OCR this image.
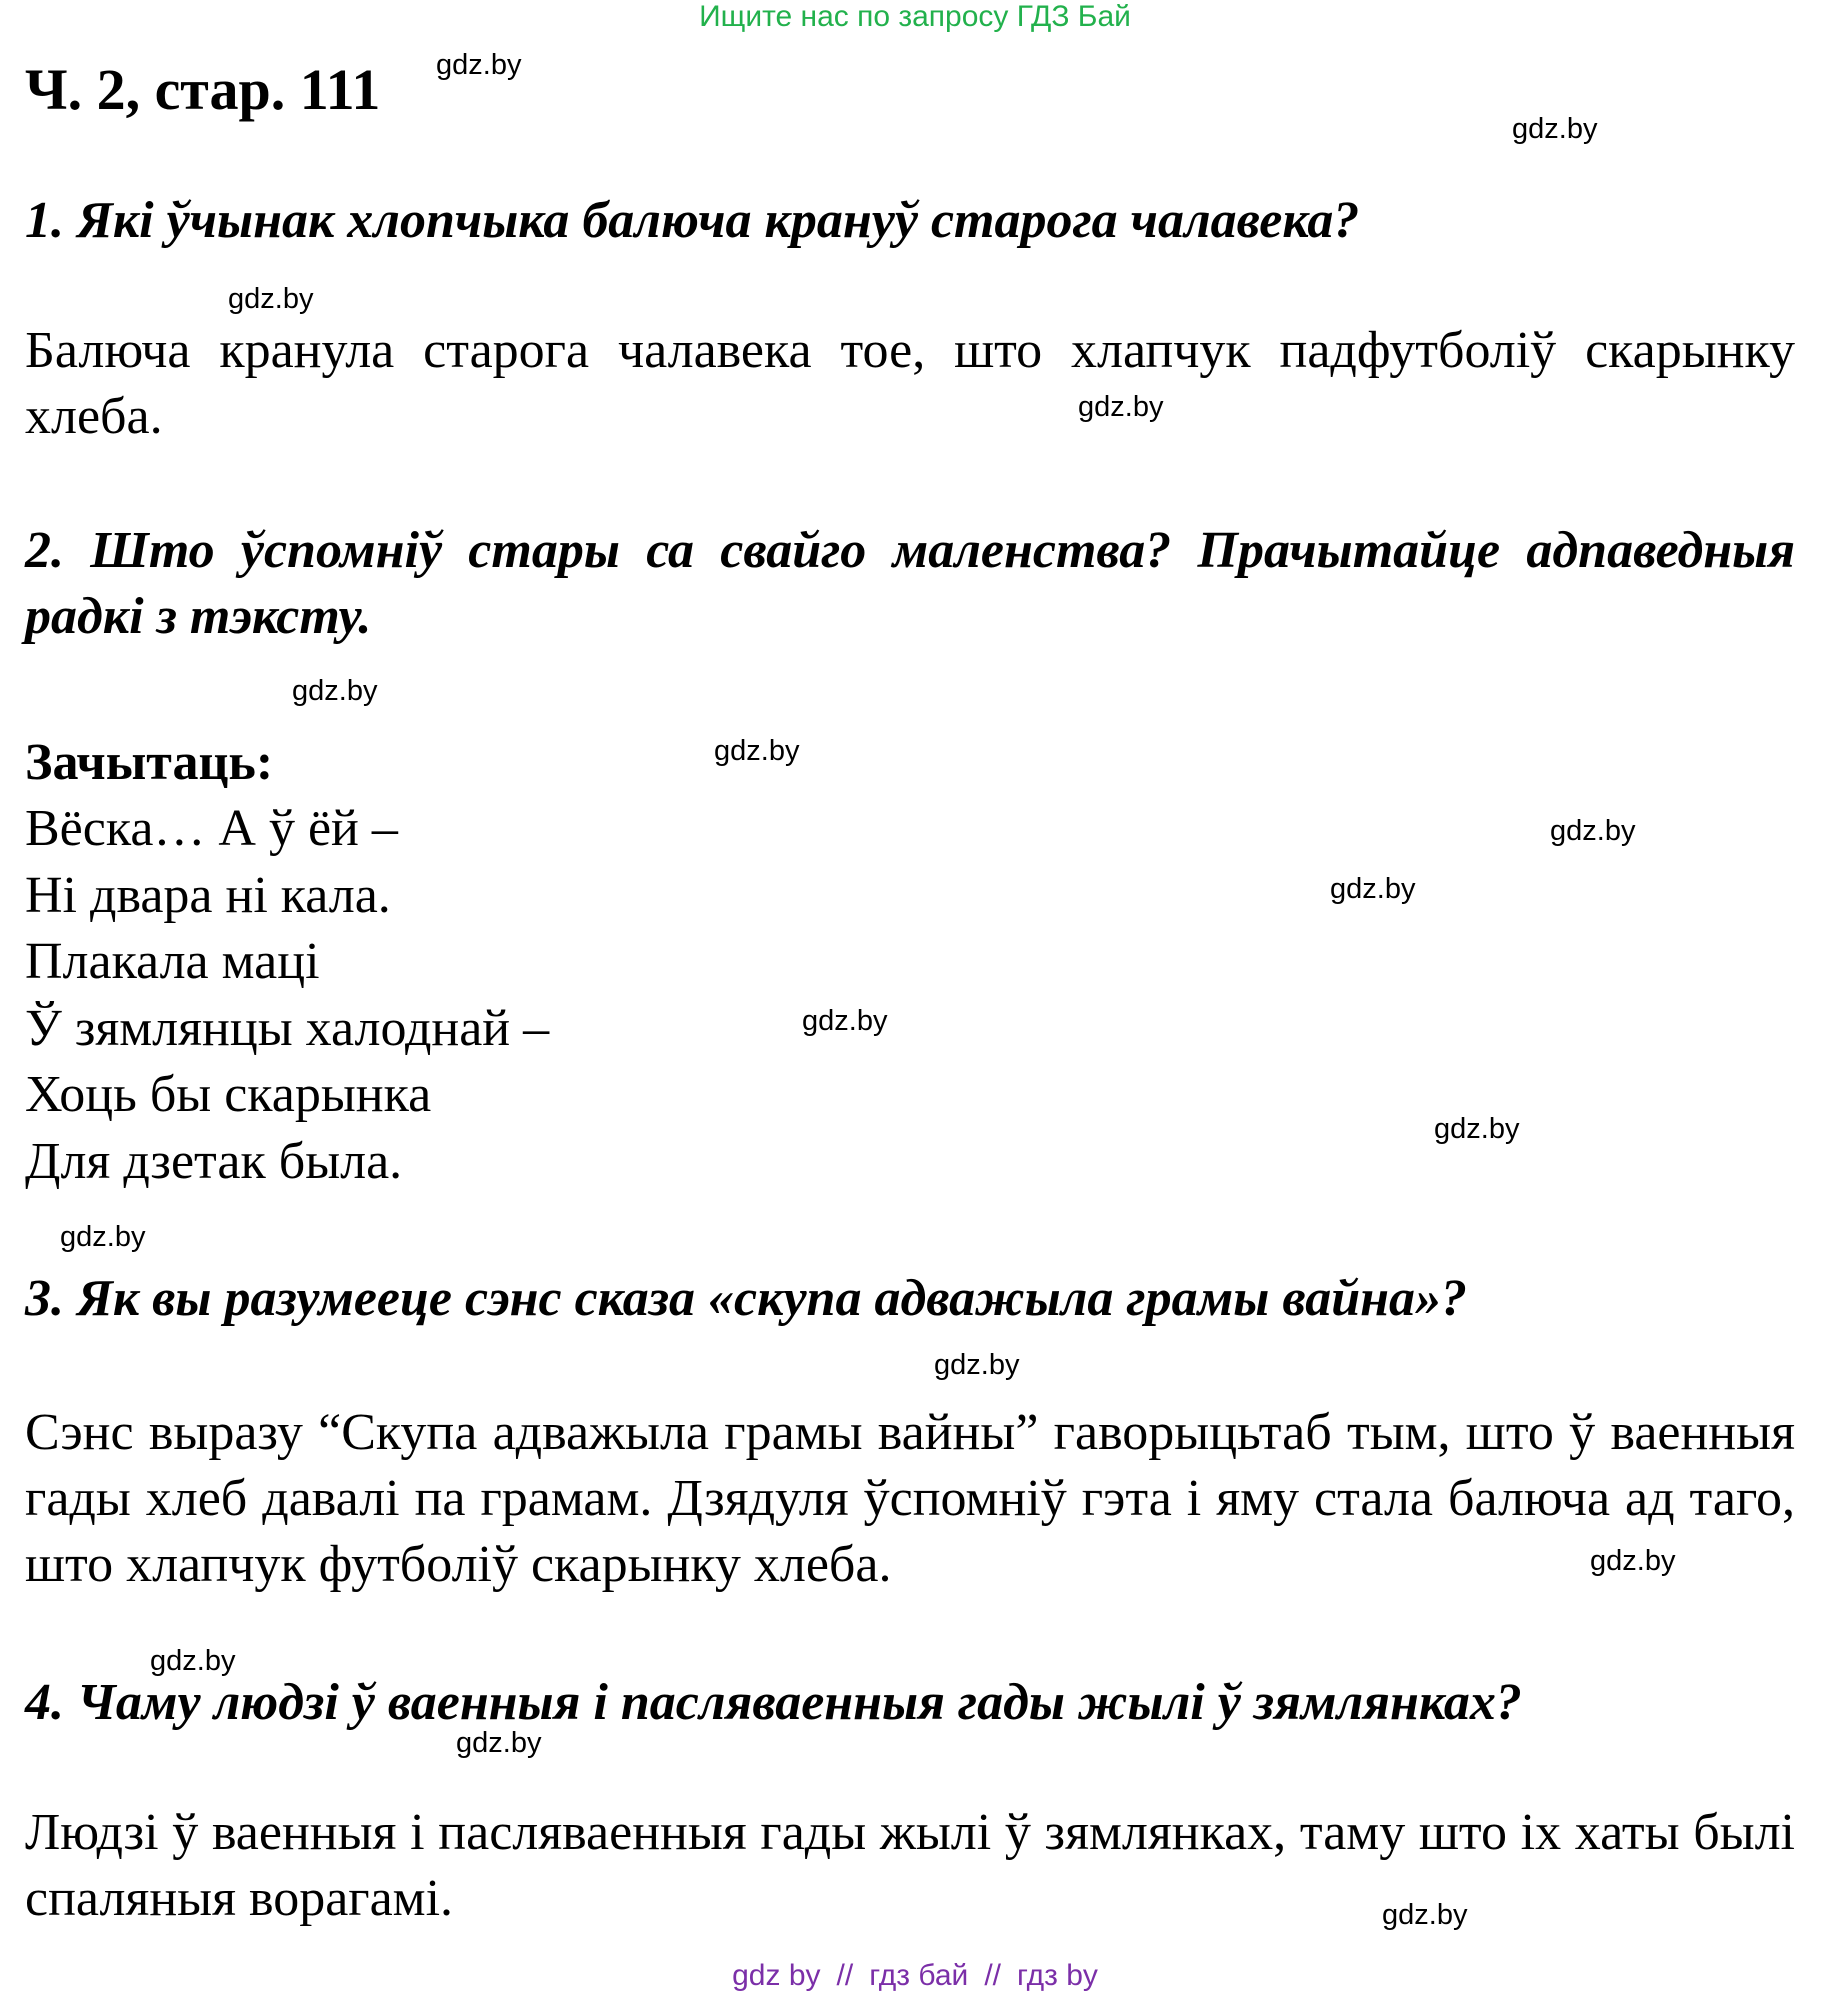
Ищите нас по запросу ГДЗ Бай
Ч. 2, стар. 111
1. Які ўчынак хлопчыка балюча крануў старога чалавека?
Балюча кранула старога чалавека тое, што хлапчук падфутболіў скарынку хлеба.
2. Што ўспомніў стары са свайго маленства? Прачытайце адпаведныя радкі з тэксту.
Зачытаць:
Вёска… А ў ёй –
Ні двара ні кала.
Плакала маці
Ў зямлянцы халоднай –
Хоць бы скарынка
Для дзетак была.
3. Як вы разумееце сэнс сказа «скупа адважыла грамы вайна»?
Сэнс выразу “Скупа адважыла грамы вайны” гаворыцьтаб тым, што ў ваенныя гады хлеб давалі па грамам. Дзядуля ўспомніў гэта і яму стала балюча ад таго, што хлапчук футболіў скарынку хлеба.
4. Чаму людзі ў ваенныя і пасляваенныя гады жылі ў зямлянках?
Людзі ў ваенныя і пасляваенныя гады жылі ў зямлянках, таму што іх хаты былі спаляныя ворагамі.
gdz.by
gdz.by
gdz.by
gdz.by
gdz.by
gdz.by
gdz.by
gdz.by
gdz.by
gdz.by
gdz.by
gdz.by
gdz.by
gdz.by
gdz.by
gdz.by
gdz by // гдз бай // гдз by
